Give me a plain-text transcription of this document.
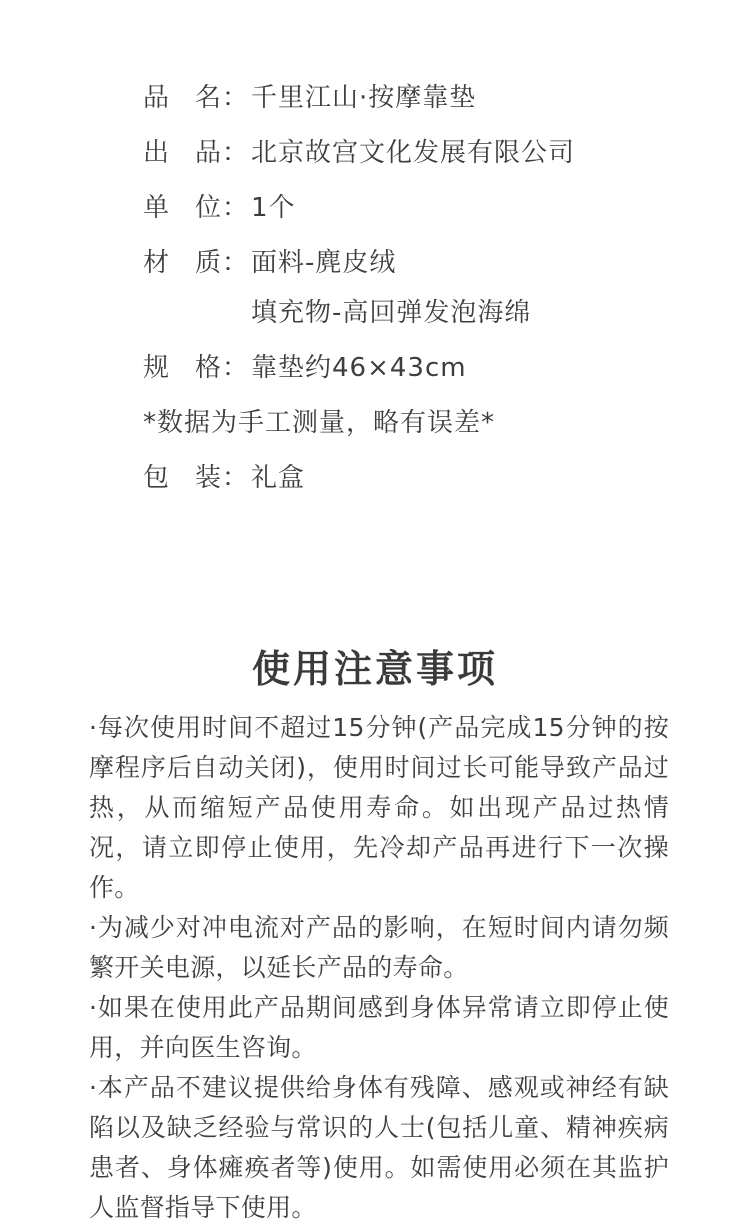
品 名： 千里江山·按摩靠垫
出 品： 北京故宫文化发展有限公司
单 位： 1个
材 质： 面料-麂皮绒
填充物-高回弹发泡海绵
规 格： 靠垫约46×43cm
*数据为手工测量，略有误差*
包 装： 礼盒
使用注意事项

·每次使用时间不超过15分钟(产品完成15分钟的按摩程序后自动关闭)，使用时间过长可能导致产品过热，从而缩短产品使用寿命。如出现产品过热情况，请立即停止使用，先冷却产品再进行下一次操作。

·为减少对冲电流对产品的影响，在短时间内请勿频繁开关电源，以延长产品的寿命。

·如果在使用此产品期间感到身体异常请立即停止使用，并向医生咨询。

·本产品不建议提供给身体有残障、感观或神经有缺陷以及缺乏经验与常识的人士(包括儿童、精神疾病患者、身体瘫痪者等)使用。如需使用必须在其监护人监督指导下使用。
